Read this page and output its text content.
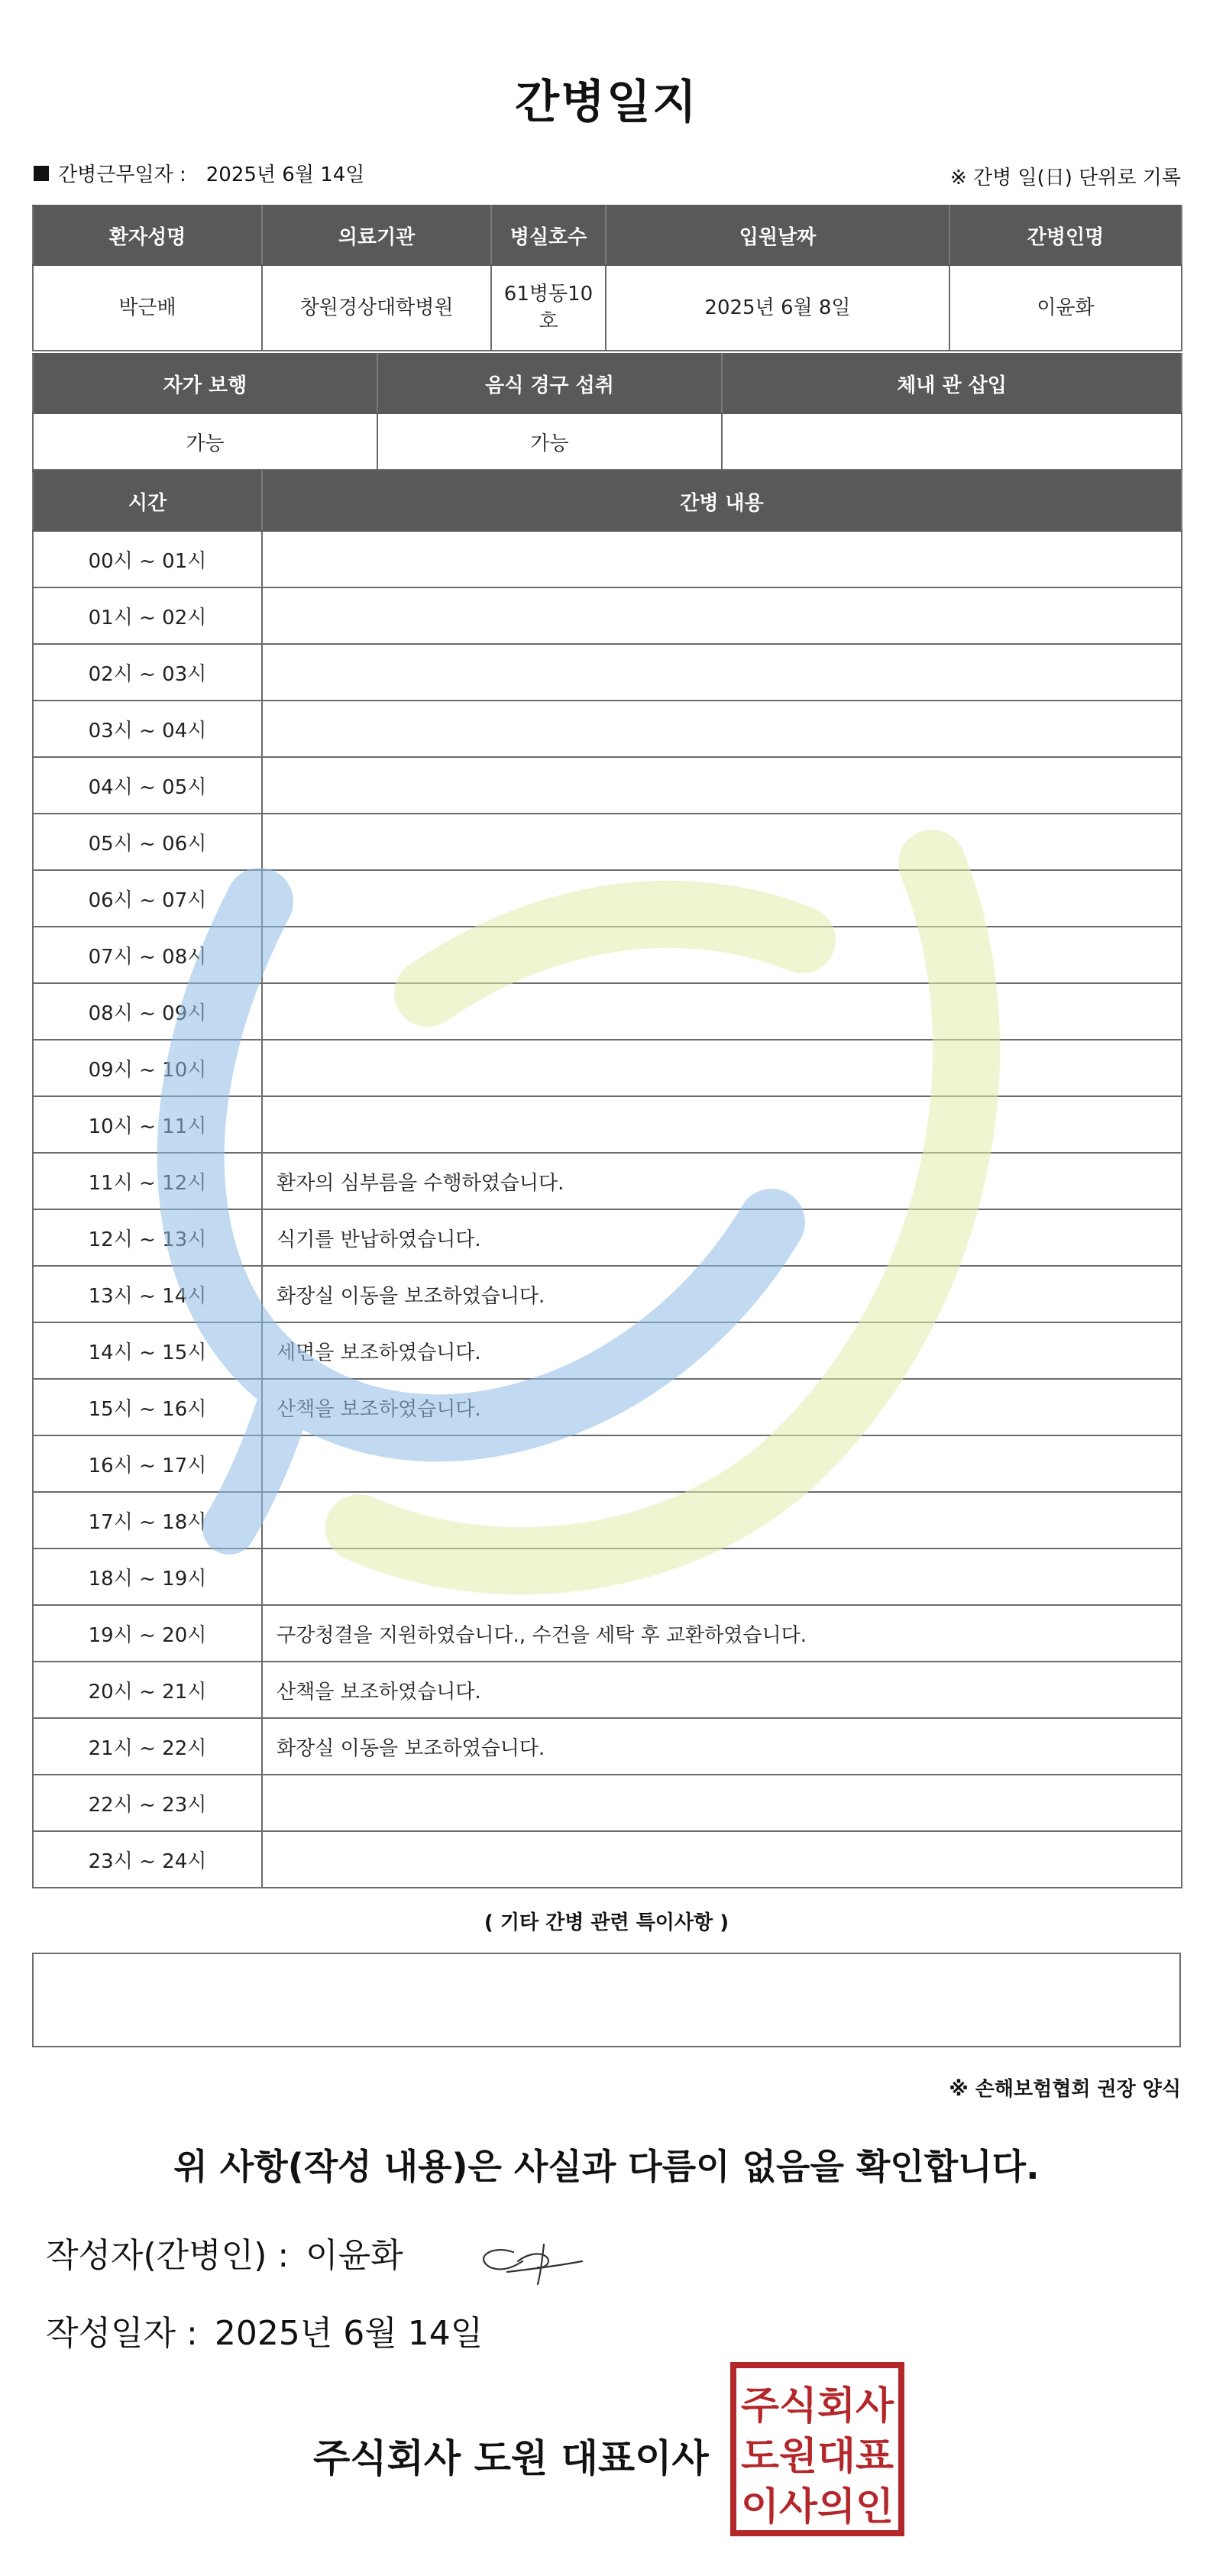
간병일지
간병근무일자 : 2025년 6월 14일	※ 간병 일(日) 단위로 기록
환자성명	의료기관	병실호수	입원날짜	간병인명
박근배	창원경상대학병원	61병동10호	2025년 6월 8일	이윤화
자가 보행	음식 경구 섭취	체내 관 삽입
가능	가능	
시간	간병 내용
00시 ~ 01시	
01시 ~ 02시	
02시 ~ 03시	
03시 ~ 04시	
04시 ~ 05시	
05시 ~ 06시	
06시 ~ 07시	
07시 ~ 08시	
08시 ~ 09시	
09시 ~ 10시	
10시 ~ 11시	
11시 ~ 12시	환자의 심부름을 수행하였습니다.
12시 ~ 13시	식기를 반납하였습니다.
13시 ~ 14시	화장실 이동을 보조하였습니다.
14시 ~ 15시	세면을 보조하였습니다.
15시 ~ 16시	산책을 보조하였습니다.
16시 ~ 17시	
17시 ~ 18시	
18시 ~ 19시	
19시 ~ 20시	구강청결을 지원하였습니다., 수건을 세탁 후 교환하였습니다.
20시 ~ 21시	산책을 보조하였습니다.
21시 ~ 22시	화장실 이동을 보조하였습니다.
22시 ~ 23시	
23시 ~ 24시	
( 기타 간병 관련 특이사항 )
※ 손해보험협회 권장 양식
위 사항(작성 내용)은 사실과 다름이 없음을 확인합니다.
작성자(간병인) : 이윤화
작성일자 : 2025년 6월 14일
주식회사 도원 대표이사
주식회사
도원대표
이사의인
